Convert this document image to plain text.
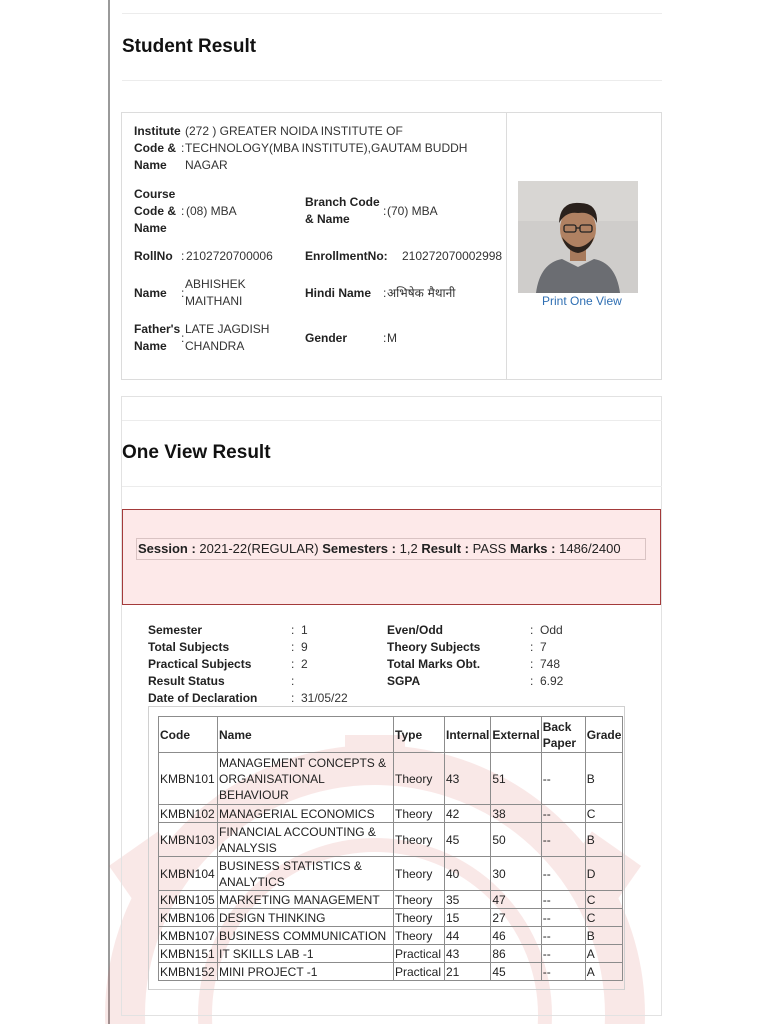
Student Result
Institute Code & Name
:
(272 ) GREATER NOIDA INSTITUTE OF TECHNOLOGY(MBA INSTITUTE),GAUTAM BUDDH NAGAR
Course Code & Name
: (08) MBA
Branch Code & Name
: (70) MBA
RollNo : 2102720700006	EnrollmentNo: 210272070002998
Name :
ABHISHEK MAITHANI
Hindi Name : अभिषेक मैथानी
Father's Name
:
LATE JAGDISH CHANDRA
Gender	: M
Print One View
One View Result
Session : 2021-22(REGULAR) Semesters : 1,2 Result : PASS Marks : 1486/2400
Semester	: 1
Total Subjects	: 9
Practical Subjects	: 2
Result Status	:
Date of Declaration	: 31/05/22
Even/Odd	: Odd
Theory Subjects	: 7
Total Marks Obt.	: 748
SGPA	: 6.92
Code	Name	Type	Internal	External	Back Paper	Grade
KMBN101	MANAGEMENT CONCEPTS & ORGANISATIONAL BEHAVIOUR	Theory	43	51	--	B
KMBN102	MANAGERIAL ECONOMICS	Theory	42	38	--	C
KMBN103	FINANCIAL ACCOUNTING & ANALYSIS	Theory	45	50	--	B
KMBN104	BUSINESS STATISTICS & ANALYTICS	Theory	40	30	--	D
KMBN105	MARKETING MANAGEMENT	Theory	35	47	--	C
KMBN106	DESIGN THINKING	Theory	15	27	--	C
KMBN107	BUSINESS COMMUNICATION	Theory	44	46	--	B
KMBN151	IT SKILLS LAB -1	Practical	43	86	--	A
KMBN152	MINI PROJECT -1	Practical	21	45	--	A
